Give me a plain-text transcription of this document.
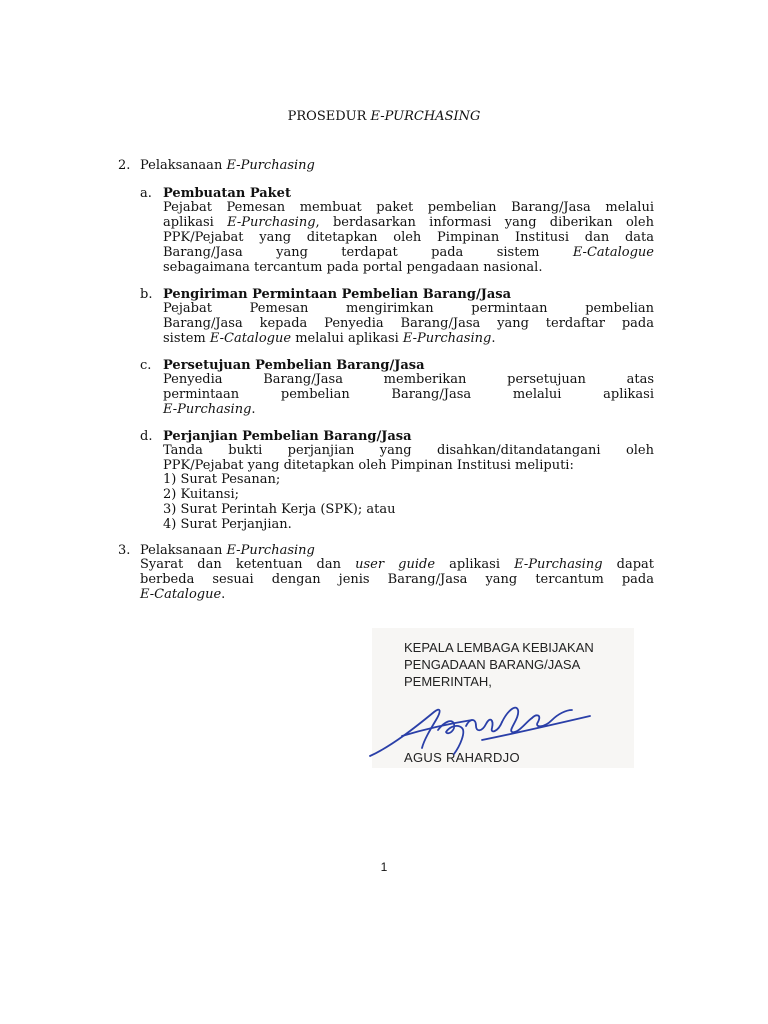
PROSEDUR E-PURCHASING
2. Pelaksanaan E-Purchasing
a. Pembuatan Paket
Pejabat Pemesan membuat paket pembelian Barang/Jasa melalui
aplikasi E-Purchasing, berdasarkan informasi yang diberikan oleh
PPK/Pejabat yang ditetapkan oleh Pimpinan Institusi dan data
Barang/Jasa yang terdapat pada sistem E-Catalogue
sebagaimana tercantum pada portal pengadaan nasional.
b. Pengiriman Permintaan Pembelian Barang/Jasa
Pejabat Pemesan mengirimkan permintaan pembelian
Barang/Jasa kepada Penyedia Barang/Jasa yang terdaftar pada
sistem E-Catalogue melalui aplikasi E-Purchasing.
c. Persetujuan Pembelian Barang/Jasa
Penyedia Barang/Jasa memberikan persetujuan atas
permintaan pembelian Barang/Jasa melalui aplikasi
E-Purchasing.
d. Perjanjian Pembelian Barang/Jasa
Tanda bukti perjanjian yang disahkan/ditandatangani oleh
PPK/Pejabat yang ditetapkan oleh Pimpinan Institusi meliputi:
1) Surat Pesanan;
2) Kuitansi;
3) Surat Perintah Kerja (SPK); atau
4) Surat Perjanjian.
3. Pelaksanaan E-Purchasing
Syarat dan ketentuan dan user guide aplikasi E-Purchasing dapat
berbeda sesuai dengan jenis Barang/Jasa yang tercantum pada
E-Catalogue.
KEPALA LEMBAGA KEBIJAKAN
PENGADAAN BARANG/JASA
PEMERINTAH,
AGUS RAHARDJO
1
